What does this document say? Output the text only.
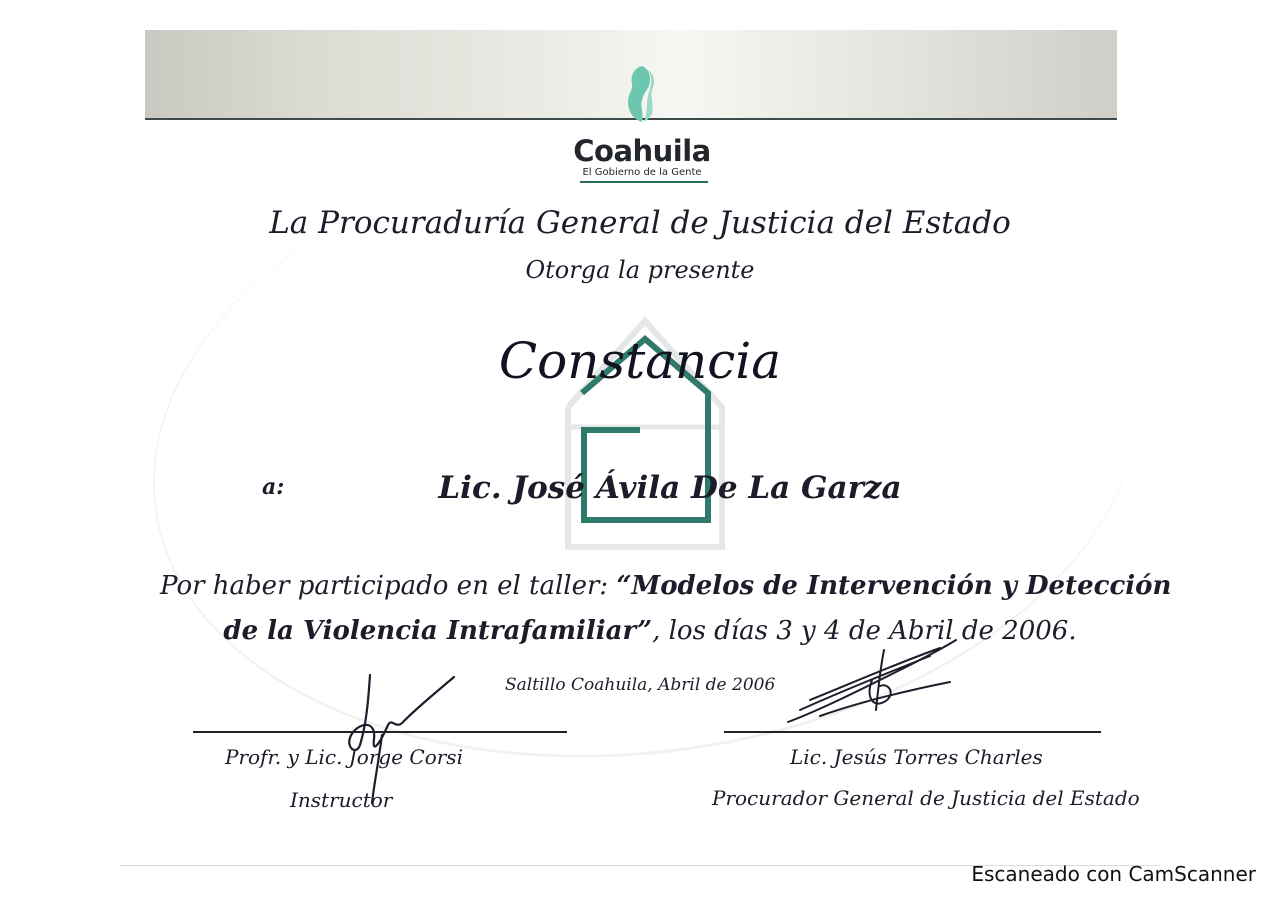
Coahuila
El Gobierno de la Gente
La Procuraduría General de Justicia del Estado
Otorga la presente
Constancia
a:	Lic. José Ávila De La Garza
Por haber participado en el taller: “Modelos de Intervención y Detección
de la Violencia Intrafamiliar”, los días 3 y 4 de Abril de 2006.
Saltillo Coahuila, Abril de 2006
Profr. y Lic. Jorge Corsi
Instructor
Lic. Jesús Torres Charles
Procurador General de Justicia del Estado
Escaneado con CamScanner
